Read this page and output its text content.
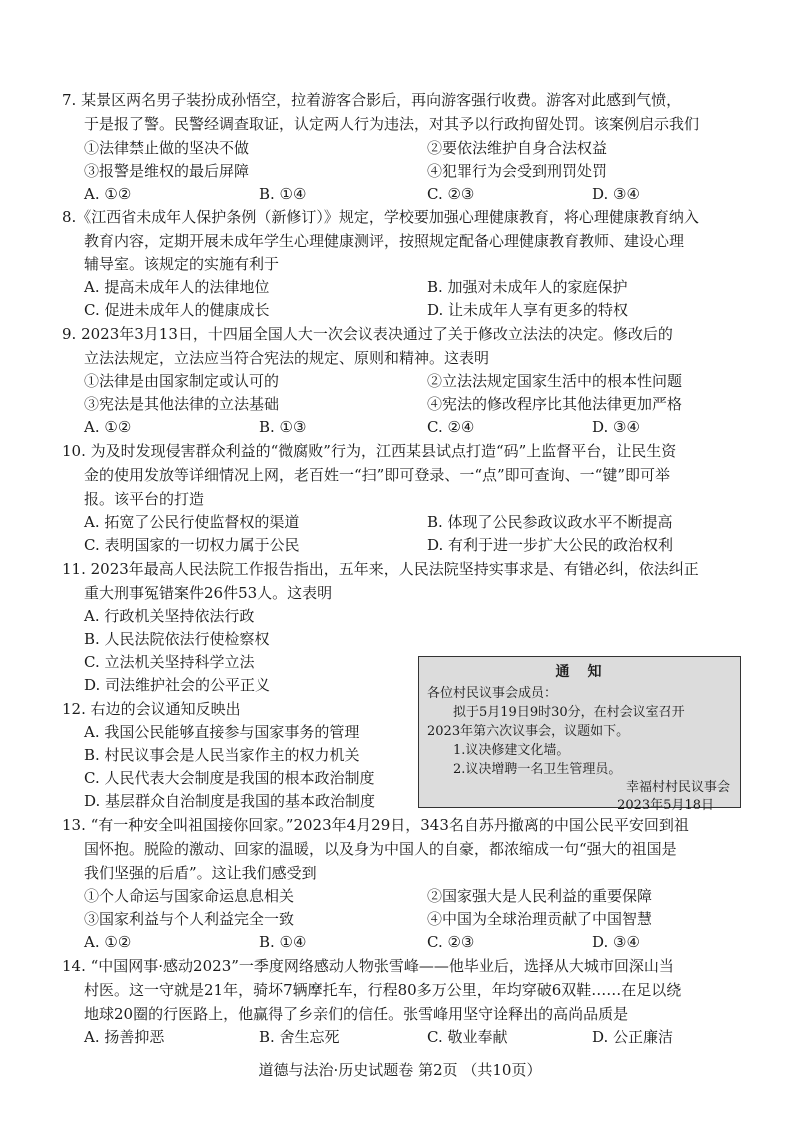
7. 某景区两名男子装扮成孙悟空，拉着游客合影后，再向游客强行收费。游客对此感到气愤，
于是报了警。民警经调查取证，认定两人行为违法，对其予以行政拘留处罚。该案例启示我们
①法律禁止做的坚决不做	②要依法维护自身合法权益
③报警是维权的最后屏障	④犯罪行为会受到刑罚处罚
A. ①②	B. ①④	C. ②③	D. ③④
8.《江西省未成年人保护条例（新修订）》规定，学校要加强心理健康教育，将心理健康教育纳入
教育内容，定期开展未成年学生心理健康测评，按照规定配备心理健康教育教师、建设心理
辅导室。该规定的实施有利于
A. 提高未成年人的法律地位	B. 加强对未成年人的家庭保护
C. 促进未成年人的健康成长	D. 让未成年人享有更多的特权
9. 2023年3月13日，十四届全国人大一次会议表决通过了关于修改立法法的决定。修改后的
立法法规定，立法应当符合宪法的规定、原则和精神。这表明
①法律是由国家制定或认可的	②立法法规定国家生活中的根本性问题
③宪法是其他法律的立法基础	④宪法的修改程序比其他法律更加严格
A. ①②	B. ①③	C. ②④	D. ③④
10. 为及时发现侵害群众利益的“微腐败”行为，江西某县试点打造“码”上监督平台，让民生资
金的使用发放等详细情况上网，老百姓一“扫”即可登录、一“点”即可查询、一“键”即可举
报。该平台的打造
A. 拓宽了公民行使监督权的渠道	B. 体现了公民参政议政水平不断提高
C. 表明国家的一切权力属于公民	D. 有利于进一步扩大公民的政治权利
11. 2023年最高人民法院工作报告指出，五年来，人民法院坚持实事求是、有错必纠，依法纠正
重大刑事冤错案件26件53人。这表明
A. 行政机关坚持依法行政
B. 人民法院依法行使检察权
C. 立法机关坚持科学立法
D. 司法维护社会的公平正义
12. 右边的会议通知反映出
A. 我国公民能够直接参与国家事务的管理
B. 村民议事会是人民当家作主的权力机关
C. 人民代表大会制度是我国的根本政治制度
D. 基层群众自治制度是我国的基本政治制度
通　知
各位村民议事会成员：
拟于5月19日9时30分，在村会议室召开
2023年第六次议事会，议题如下。
1.议决修建文化墙。
2.议决增聘一名卫生管理员。
幸福村村民议事会
2023年5月18日
13. “有一种安全叫祖国接你回家。”2023年4月29日，343名自苏丹撤离的中国公民平安回到祖
国怀抱。脱险的激动、回家的温暖，以及身为中国人的自豪，都浓缩成一句“强大的祖国是
我们坚强的后盾”。这让我们感受到
①个人命运与国家命运息息相关	②国家强大是人民利益的重要保障
③国家利益与个人利益完全一致	④中国为全球治理贡献了中国智慧
A. ①②	B. ①④	C. ②③	D. ③④
14. “中国网事·感动2023”一季度网络感动人物张雪峰——他毕业后，选择从大城市回深山当
村医。这一守就是21年，骑坏7辆摩托车，行程80多万公里，年均穿破6双鞋……在足以绕
地球20圈的行医路上，他赢得了乡亲们的信任。张雪峰用坚守诠释出的高尚品质是
A. 扬善抑恶	B. 舍生忘死	C. 敬业奉献	D. 公正廉洁
道德与法治·历史试题卷 第2页 （共10页）
